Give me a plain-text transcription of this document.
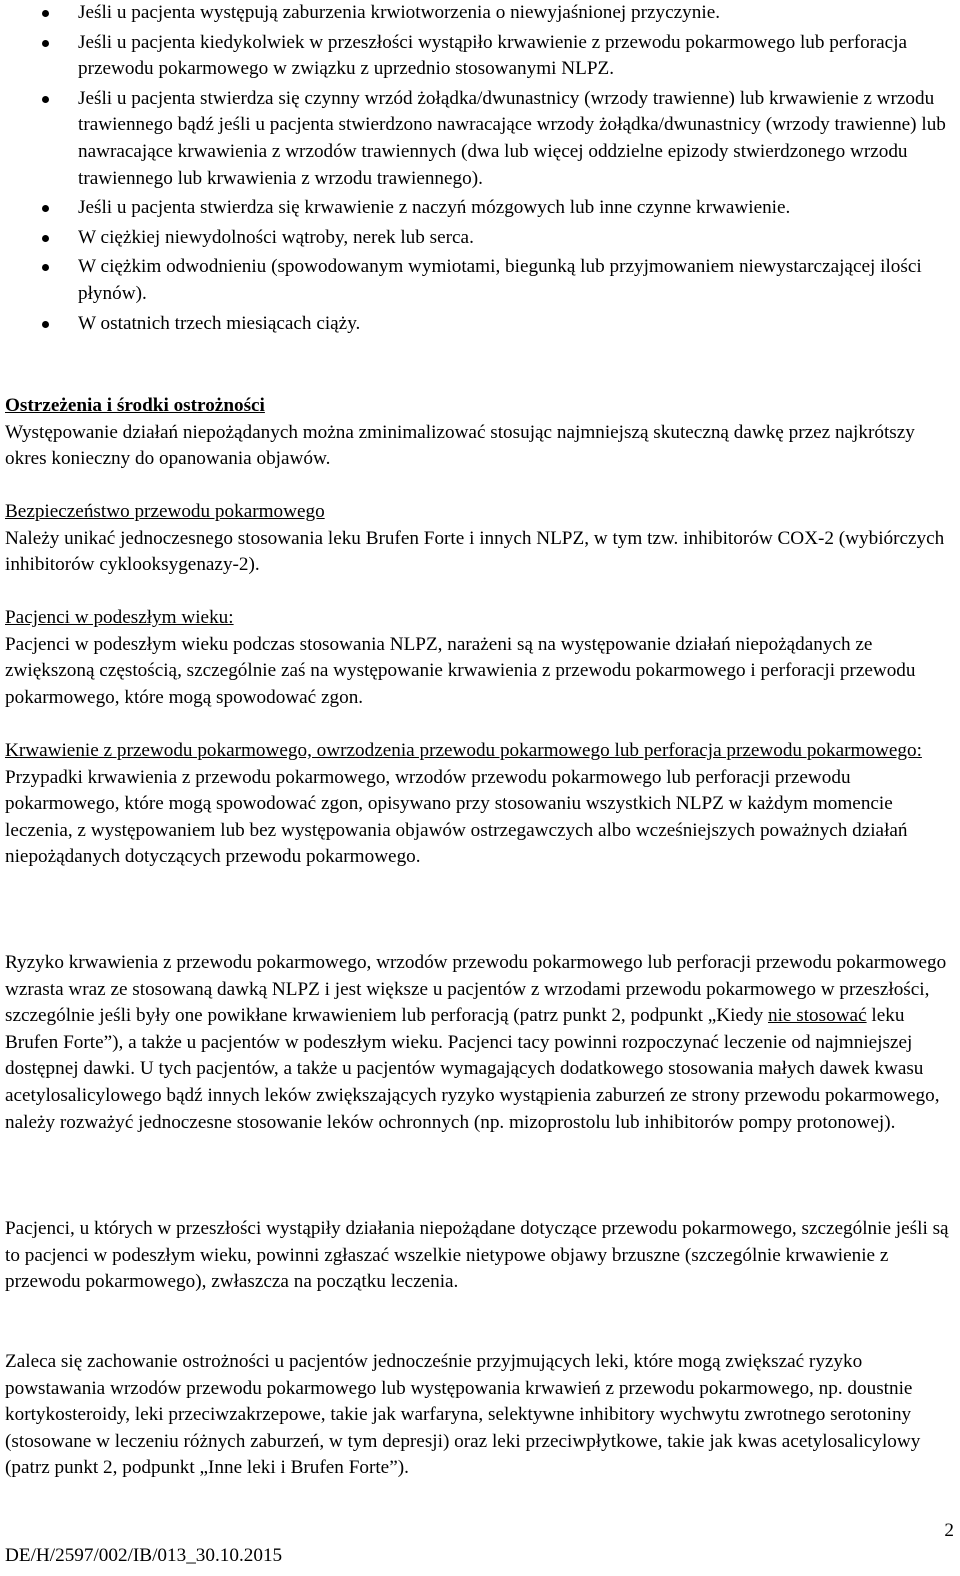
Jeśli u pacjenta występują zaburzenia krwiotworzenia o niewyjaśnionej przyczynie.
Jeśli u pacjenta kiedykolwiek w przeszłości wystąpiło krwawienie z przewodu pokarmowego lub perforacja przewodu pokarmowego w związku z uprzednio stosowanymi NLPZ.
Jeśli u pacjenta stwierdza się czynny wrzód żołądka/dwunastnicy (wrzody trawienne) lub krwawienie z wrzodu trawiennego bądź jeśli u pacjenta stwierdzono nawracające wrzody żołądka/dwunastnicy (wrzody trawienne) lub nawracające krwawienia z wrzodów trawiennych (dwa lub więcej oddzielne epizody stwierdzonego wrzodu trawiennego lub krwawienia z wrzodu trawiennego).
Jeśli u pacjenta stwierdza się krwawienie z naczyń mózgowych lub inne czynne krwawienie.
W ciężkiej niewydolności wątroby, nerek lub serca.
W ciężkim odwodnieniu (spowodowanym wymiotami, biegunką lub przyjmowaniem niewystarczającej ilości płynów).
W ostatnich trzech miesiącach ciąży.

Ostrzeżenia i środki ostrożności

Występowanie działań niepożądanych można zminimalizować stosując najmniejszą skuteczną dawkę przez najkrótszy okres konieczny do opanowania objawów.

Bezpieczeństwo przewodu pokarmowego

Należy unikać jednoczesnego stosowania leku Brufen Forte i innych NLPZ, w tym tzw. inhibitorów COX-2 (wybiórczych inhibitorów cyklooksygenazy-2).

Pacjenci w podeszłym wieku:

Pacjenci w podeszłym wieku podczas stosowania NLPZ, narażeni są na występowanie działań niepożądanych ze zwiększoną częstością, szczególnie zaś na występowanie krwawienia z przewodu pokarmowego i perforacji przewodu pokarmowego, które mogą spowodować zgon.

Krwawienie z przewodu pokarmowego, owrzodzenia przewodu pokarmowego lub perforacja przewodu pokarmowego:

Przypadki krwawienia z przewodu pokarmowego, wrzodów przewodu pokarmowego lub perforacji przewodu pokarmowego, które mogą spowodować zgon, opisywano przy stosowaniu wszystkich NLPZ w każdym momencie leczenia, z występowaniem lub bez występowania objawów ostrzegawczych albo wcześniejszych poważnych działań niepożądanych dotyczących przewodu pokarmowego.

Ryzyko krwawienia z przewodu pokarmowego, wrzodów przewodu pokarmowego lub perforacji przewodu pokarmowego wzrasta wraz ze stosowaną dawką NLPZ i jest większe u pacjentów z wrzodami przewodu pokarmowego w przeszłości, szczególnie jeśli były one powikłane krwawieniem lub perforacją (patrz punkt 2, podpunkt „Kiedy nie stosować leku Brufen Forte”), a także u pacjentów w podeszłym wieku. Pacjenci tacy powinni rozpoczynać leczenie od najmniejszej dostępnej dawki. U tych pacjentów, a także u pacjentów wymagających dodatkowego stosowania małych dawek kwasu acetylosalicylowego bądź innych leków zwiększających ryzyko wystąpienia zaburzeń ze strony przewodu pokarmowego, należy rozważyć jednoczesne stosowanie leków ochronnych (np. mizoprostolu lub inhibitorów pompy protonowej).

Pacjenci, u których w przeszłości wystąpiły działania niepożądane dotyczące przewodu pokarmowego, szczególnie jeśli są to pacjenci w podeszłym wieku, powinni zgłaszać wszelkie nietypowe objawy brzuszne (szczególnie krwawienie z przewodu pokarmowego), zwłaszcza na początku leczenia.

Zaleca się zachowanie ostrożności u pacjentów jednocześnie przyjmujących leki, które mogą zwiększać ryzyko powstawania wrzodów przewodu pokarmowego lub występowania krwawień z przewodu pokarmowego, np. doustnie kortykosteroidy, leki przeciwzakrzepowe, takie jak warfaryna, selektywne inhibitory wychwytu zwrotnego serotoniny (stosowane w leczeniu różnych zaburzeń, w tym depresji) oraz leki przeciwpłytkowe, takie jak kwas acetylosalicylowy (patrz punkt 2, podpunkt „Inne leki i Brufen Forte”).

2
DE/H/2597/002/IB/013_30.10.2015
